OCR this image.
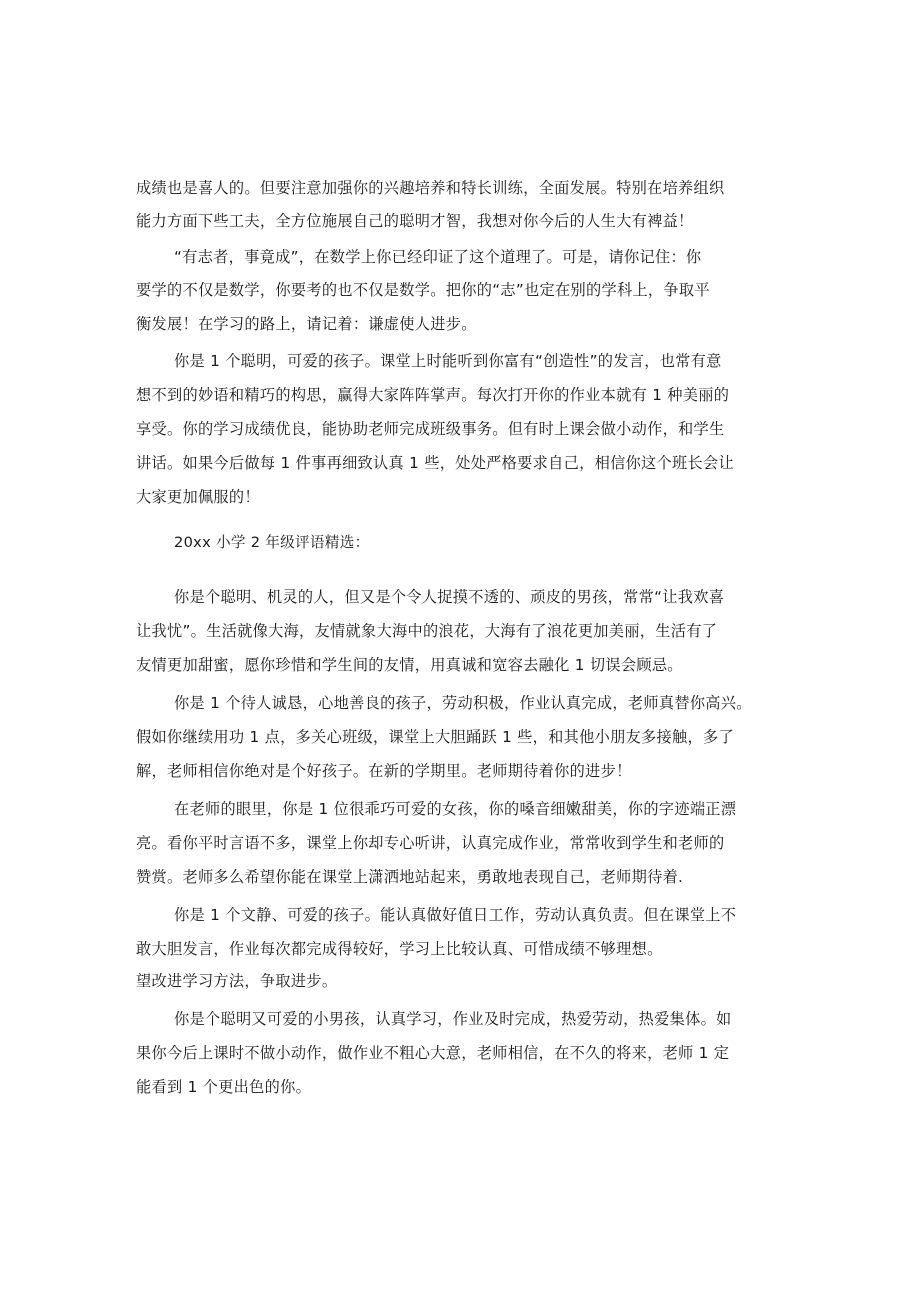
成绩也是喜人的。但要注意加强你的兴趣培养和特长训练，全面发展。特别在培养组织
能力方面下些工夫，全方位施展自己的聪明才智，我想对你今后的人生大有裨益！
“有志者，事竟成”，在数学上你已经印证了这个道理了。可是，请你记住：你
要学的不仅是数学，你要考的也不仅是数学。把你的“志”也定在别的学科上，争取平
衡发展！在学习的路上，请记着：谦虚使人进步。
你是 1 个聪明，可爱的孩子。课堂上时能听到你富有“创造性”的发言，也常有意
想不到的妙语和精巧的构思，赢得大家阵阵掌声。每次打开你的作业本就有 1 种美丽的
享受。你的学习成绩优良，能协助老师完成班级事务。但有时上课会做小动作，和学生
讲话。如果今后做每 1 件事再细致认真 1 些，处处严格要求自己，相信你这个班长会让
大家更加佩服的！
20xx 小学 2 年级评语精选：
你是个聪明、机灵的人，但又是个令人捉摸不透的、顽皮的男孩，常常“让我欢喜
让我忧”。生活就像大海，友情就象大海中的浪花，大海有了浪花更加美丽，生活有了
友情更加甜蜜，愿你珍惜和学生间的友情，用真诚和宽容去融化 1 切误会顾忌。
你是 1 个待人诚恳，心地善良的孩子，劳动积极，作业认真完成，老师真替你高兴。
假如你继续用功 1 点，多关心班级，课堂上大胆踊跃 1 些，和其他小朋友多接触，多了
解，老师相信你绝对是个好孩子。在新的学期里。老师期待着你的进步！
在老师的眼里，你是 1 位很乖巧可爱的女孩，你的嗓音细嫩甜美，你的字迹端正漂
亮。看你平时言语不多，课堂上你却专心听讲，认真完成作业，常常收到学生和老师的
赞赏。老师多么希望你能在课堂上潇洒地站起来，勇敢地表现自己，老师期待着.
你是 1 个文静、可爱的孩子。能认真做好值日工作，劳动认真负责。但在课堂上不
敢大胆发言，作业每次都完成得较好，学习上比较认真、可惜成绩不够理想。
望改进学习方法，争取进步。
你是个聪明又可爱的小男孩，认真学习，作业及时完成，热爱劳动，热爱集体。如
果你今后上课时不做小动作，做作业不粗心大意，老师相信，在不久的将来，老师 1 定
能看到 1 个更出色的你。
